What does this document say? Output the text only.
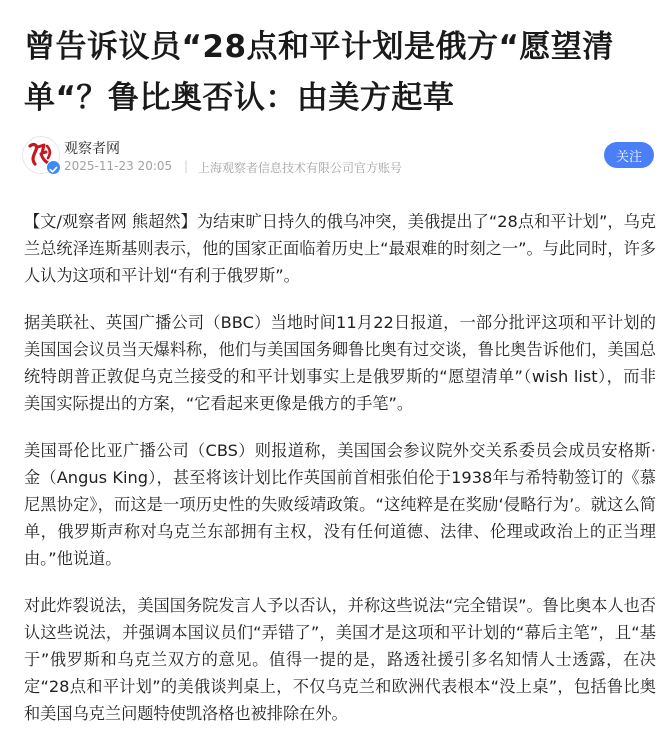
曾告诉议员“28点和平计划是俄方“愿望清单“？鲁比奥否认：由美方起草
观察者网
2025-11-23 20:05 | 上海观察者信息技术有限公司官方账号
关注

【文/观察者网 熊超然】为结束旷日持久的俄乌冲突，美俄提出了“28点和平计划”，乌克兰总统泽连斯基则表示，他的国家正面临着历史上“最艰难的时刻之一”。与此同时，许多人认为这项和平计划“有利于俄罗斯”。

据美联社、英国广播公司（BBC）当地时间11月22日报道，一部分批评这项和平计划的美国国会议员当天爆料称，他们与美国国务卿鲁比奥有过交谈，鲁比奥告诉他们，美国总统特朗普正敦促乌克兰接受的和平计划事实上是俄罗斯的“愿望清单”（wish list），而非美国实际提出的方案，“它看起来更像是俄方的手笔”。

美国哥伦比亚广播公司（CBS）则报道称，美国国会参议院外交关系委员会成员安格斯·金（Angus King），甚至将该计划比作英国前首相张伯伦于1938年与希特勒签订的《慕尼黑协定》，而这是一项历史性的失败绥靖政策。“这纯粹是在奖励‘侵略行为’。就这么简单，俄罗斯声称对乌克兰东部拥有主权，没有任何道德、法律、伦理或政治上的正当理由。”他说道。

对此炸裂说法，美国国务院发言人予以否认，并称这些说法“完全错误”。鲁比奥本人也否认这些说法，并强调本国议员们“弄错了”，美国才是这项和平计划的“幕后主笔”，且“基于”俄罗斯和乌克兰双方的意见。值得一提的是，路透社援引多名知情人士透露，在决定“28点和平计划”的美俄谈判桌上，不仅乌克兰和欧洲代表根本“没上桌”，包括鲁比奥和美国乌克兰问题特使凯洛格也被排除在外。
